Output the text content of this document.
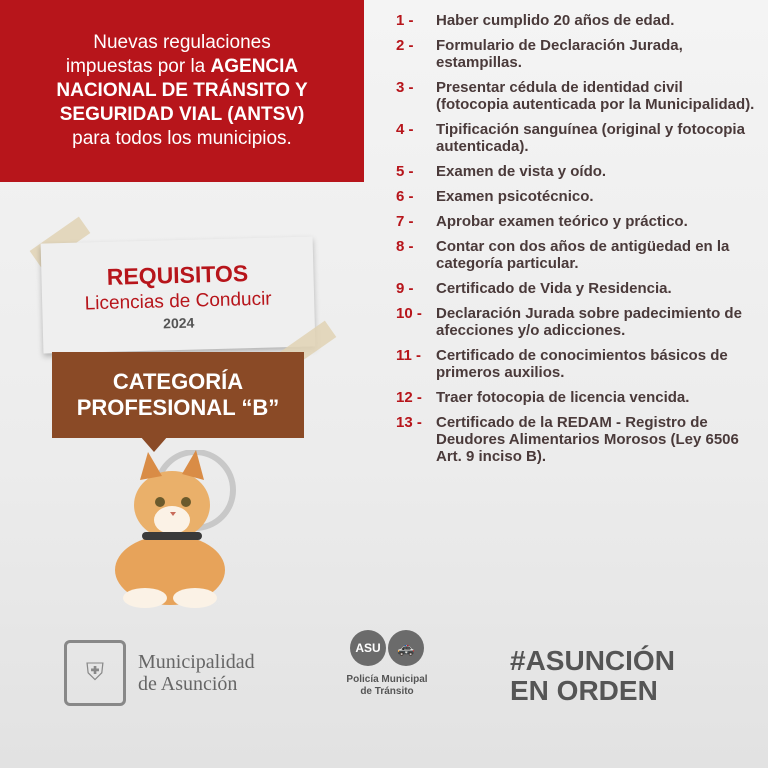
Nuevas regulaciones
impuestas por la AGENCIA
NACIONAL DE TRÁNSITO Y
SEGURIDAD VIAL (ANTSV)
para todos los municipios.
REQUISITOS
Licencias de Conducir
2024
CATEGORÍA
PROFESIONAL “B”
1 -	Haber cumplido 20 años de edad.
2 -	Formulario de Declaración Jurada, estampillas.
3 -	Presentar cédula de identidad civil (fotocopia autenticada por la Municipalidad).
4 -	Tipificación sanguínea (original y fotocopia autenticada).
5 -	Examen de vista y oído.
6 -	Examen psicotécnico.
7 -	Aprobar examen teórico y práctico.
8 -	Contar con dos años de antigüedad en la categoría particular.
9 -	Certificado de Vida y Residencia.
10 - Declaración Jurada sobre padecimiento de afecciones y/o adicciones.
11 - Certificado de conocimientos básicos de primeros auxilios.
12 - Traer fotocopia de licencia vencida.
13 - Certificado de la REDAM - Registro de Deudores Alimentarios Morosos (Ley 6506 Art. 9 inciso B).
⛨	Municipalidad
de Asunción
ASU	🚓
Policía Municipal
de Tránsito
#ASUNCIÓN
EN ORDEN
